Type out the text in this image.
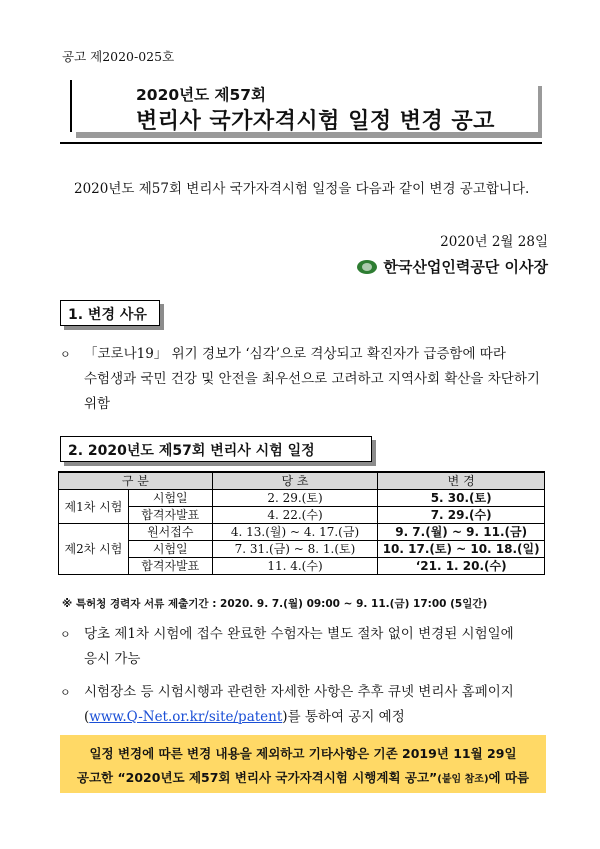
공고 제2020-025호
2020년도 제57회
변리사 국가자격시험 일정 변경 공고
2020년도 제57회 변리사 국가자격시험 일정을 다음과 같이 변경 공고합니다.
2020년 2월 28일
한국산업인력공단 이사장
1. 변경 사유
ㅇ 「코로나19」 위기 경보가 ‘심각’으로 격상되고 확진자가 급증함에 따라 수험생과 국민 건강 및 안전을 최우선으로 고려하고 지역사회 확산을 차단하기 위함
2. 2020년도 제57회 변리사 시험 일정
구 분		당 초	변 경
제1차 시험	시험일	2. 29.(토)	5. 30.(토)
	합격자발표	4. 22.(수)	7. 29.(수)
제2차 시험	원서접수	4. 13.(월) ~ 4. 17.(금)	9. 7.(월) ~ 9. 11.(금)
	시험일	7. 31.(금) ~ 8. 1.(토)	10. 17.(토) ~ 10. 18.(일)
	합격자발표	11. 4.(수)	‘21. 1. 20.(수)
※ 특허청 경력자 서류 제출기간 : 2020. 9. 7.(월) 09:00 ~ 9. 11.(금) 17:00 (5일간)
ㅇ 당초 제1차 시험에 접수 완료한 수험자는 별도 절차 없이 변경된 시험일에 응시 가능
ㅇ 시험장소 등 시험시행과 관련한 자세한 사항은 추후 큐넷 변리사 홈페이지(www.Q-Net.or.kr/site/patent)를 통하여 공지 예정
일정 변경에 따른 변경 내용을 제외하고 기타사항은 기존 2019년 11월 29일
공고한 “2020년도 제57회 변리사 국가자격시험 시행계획 공고”(붙임 참조)에 따름
